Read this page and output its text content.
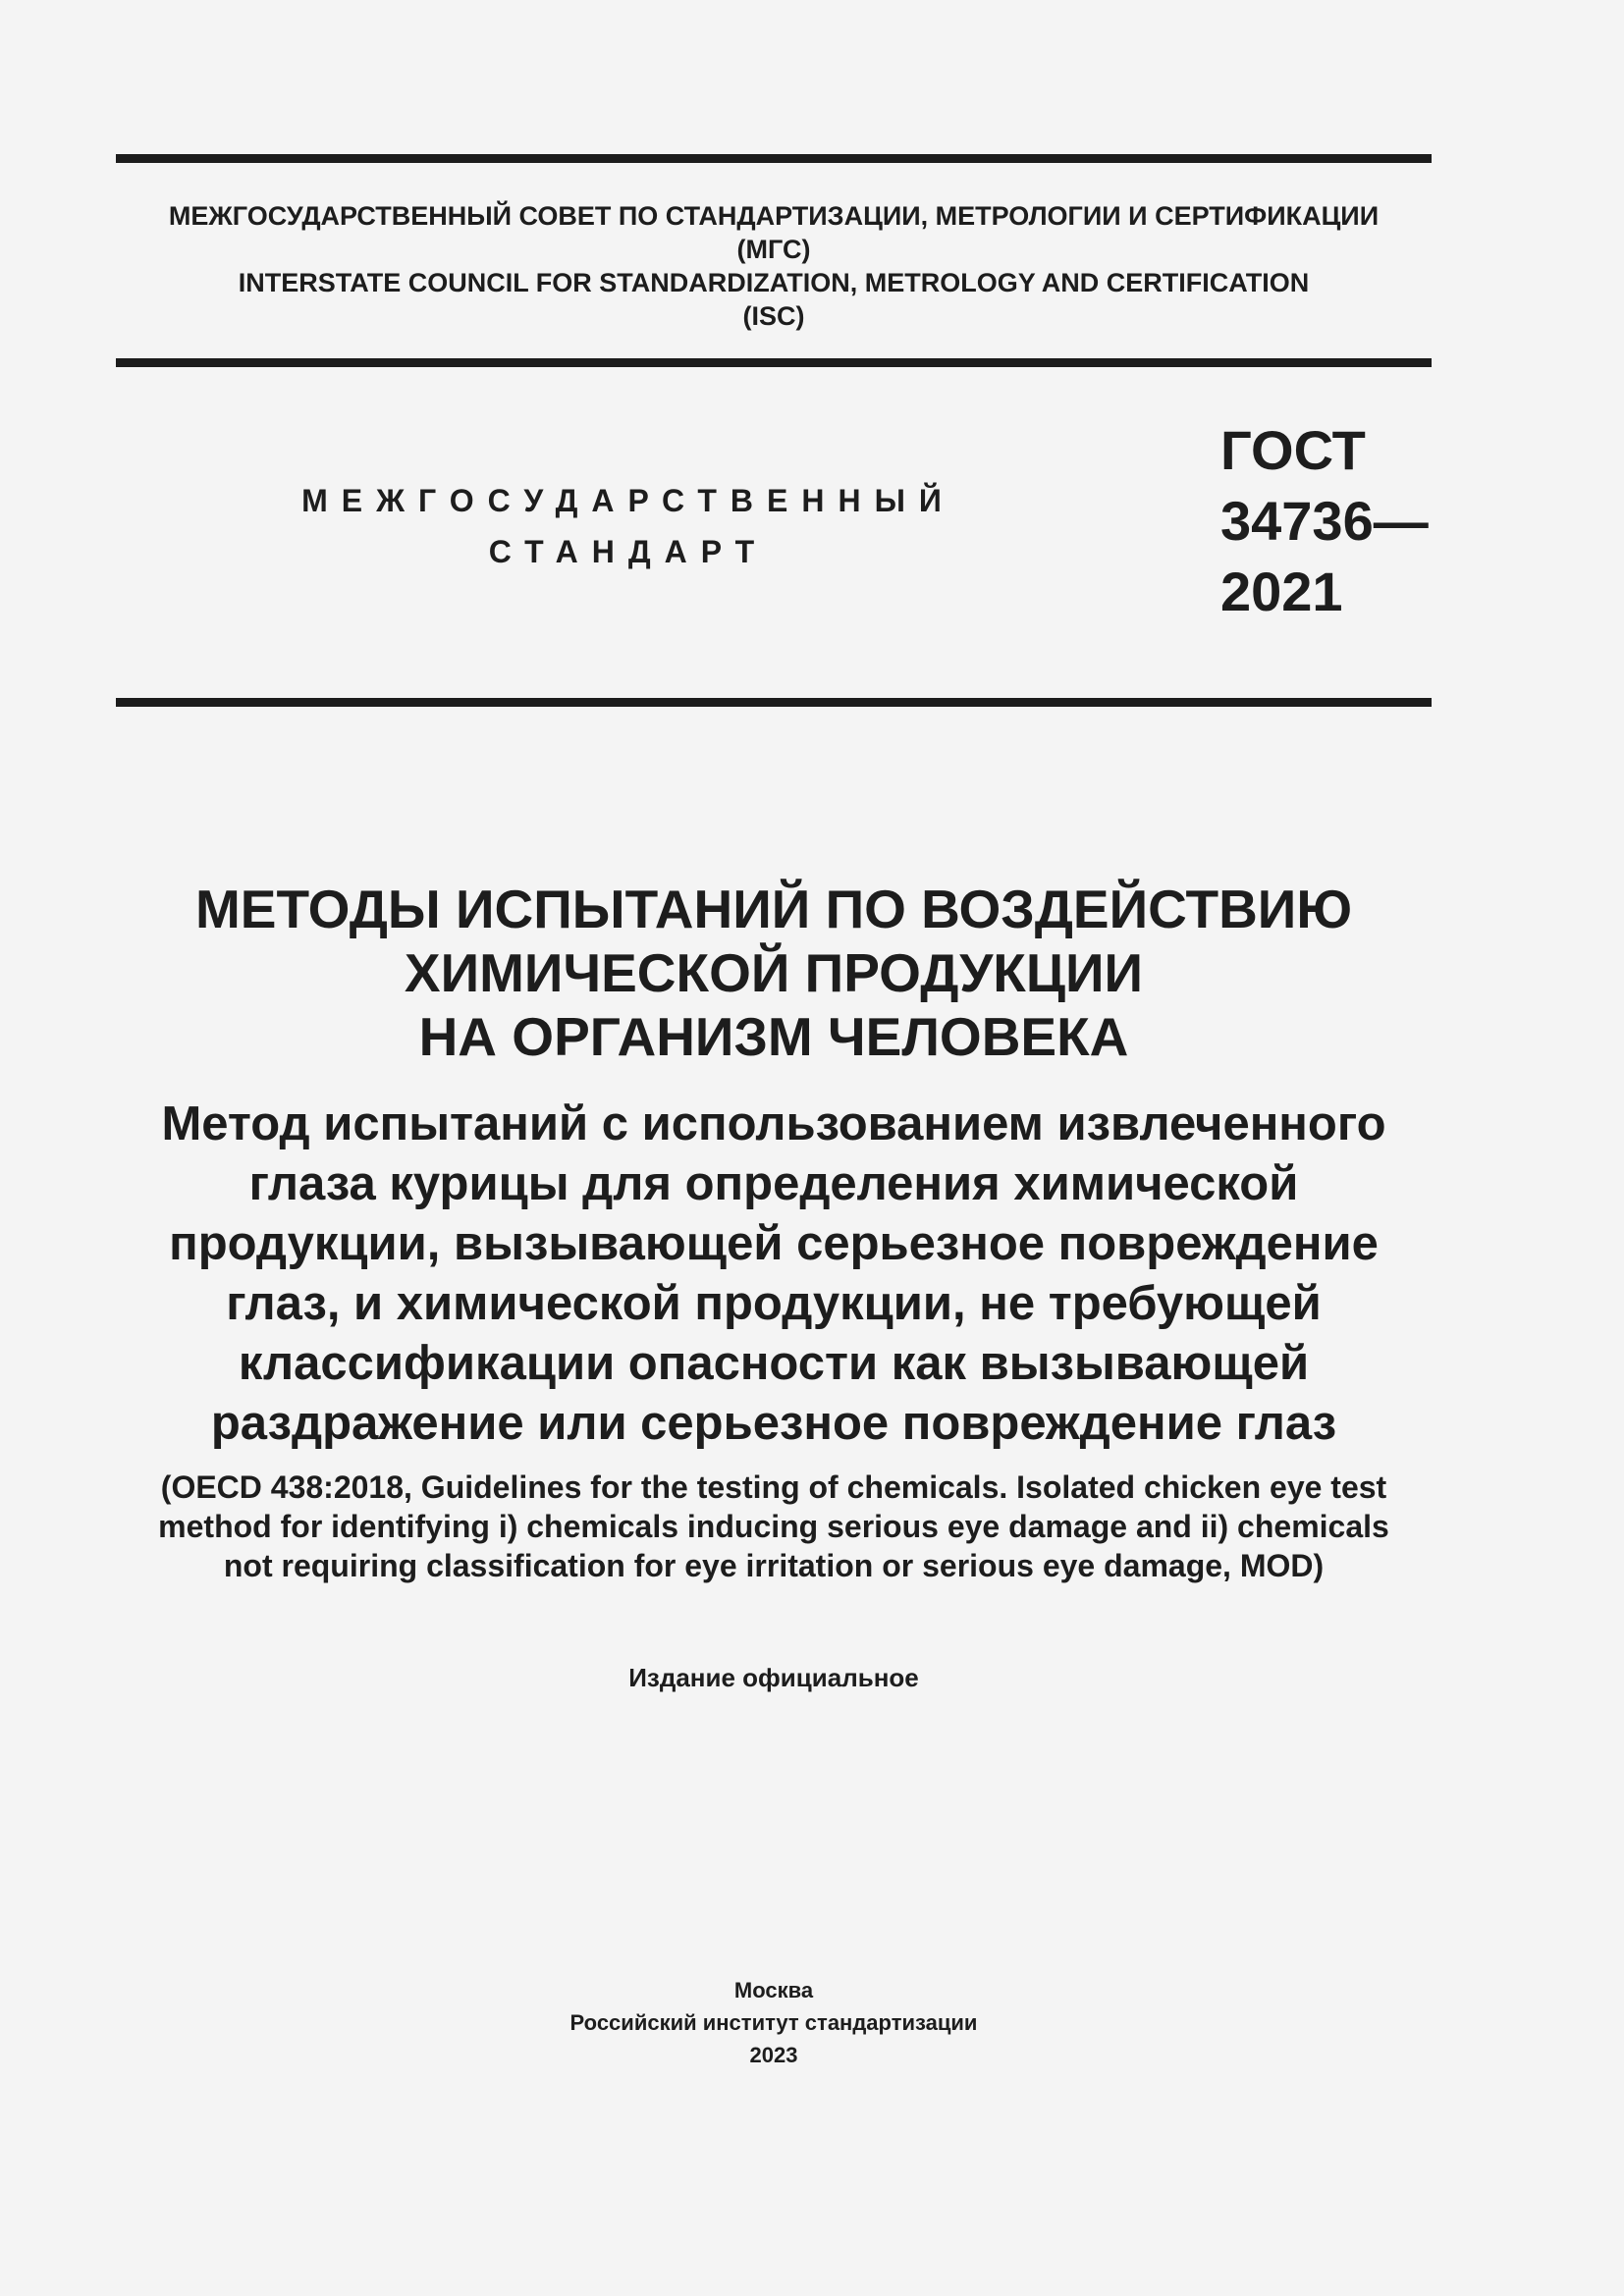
МЕЖГОСУДАРСТВЕННЫЙ СОВЕТ ПО СТАНДАРТИЗАЦИИ, МЕТРОЛОГИИ И СЕРТИФИКАЦИИ
(МГС)
INTERSTATE COUNCIL FOR STANDARDIZATION, METROLOGY AND CERTIFICATION
(ISC)
МЕЖГОСУДАРСТВЕННЫЙ
СТАНДАРТ
ГОСТ
34736—
2021
МЕТОДЫ ИСПЫТАНИЙ ПО ВОЗДЕЙСТВИЮ
ХИМИЧЕСКОЙ ПРОДУКЦИИ
НА ОРГАНИЗМ ЧЕЛОВЕКА
Метод испытаний с использованием извлеченного
глаза курицы для определения химической
продукции, вызывающей серьезное повреждение
глаз, и химической продукции, не требующей
классификации опасности как вызывающей
раздражение или серьезное повреждение глаз
(OECD 438:2018, Guidelines for the testing of chemicals. Isolated chicken eye test
method for identifying i) chemicals inducing serious eye damage and ii) chemicals
not requiring classification for eye irritation or serious eye damage, MOD)
Издание официальное
Москва
Российский институт стандартизации
2023
